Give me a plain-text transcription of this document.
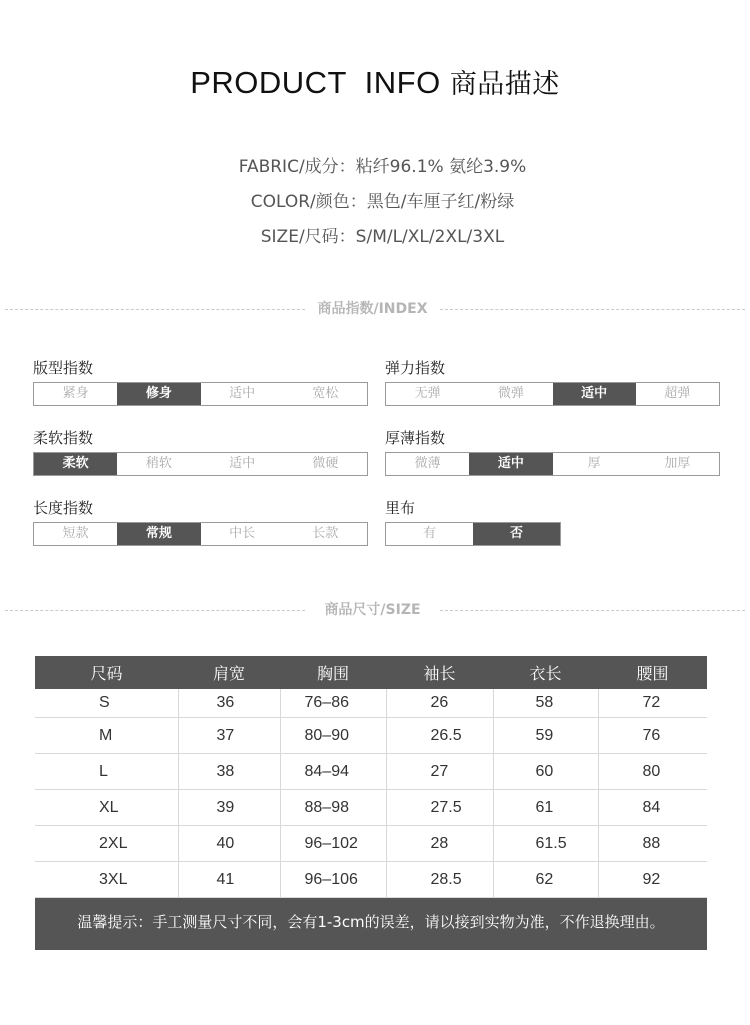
PRODUCT  INFO 商品描述
FABRIC/成分：粘纤96.1% 氨纶3.9%
COLOR/颜色：黑色/车厘子红/粉绿
SIZE/尺码：S/M/L/XL/2XL/3XL
商品指数/INDEX
版型指数
紧身	修身	适中	宽松
弹力指数
无弹	微弹	适中	超弹
柔软指数
柔软	稍软	适中	微硬
厚薄指数
微薄	适中	厚	加厚
长度指数
短款	常规	中长	长款
里布
有	否
商品尺寸/SIZE
尺码	肩宽	胸围	袖长	衣长	腰围
S	36	76–86	26	58	72
M	37	80–90	26.5	59	76
L	38	84–94	27	60	80
XL	39	88–98	27.5	61	84
2XL	40	96–102	28	61.5	88
3XL	41	96–106	28.5	62	92
温馨提示：手工测量尺寸不同，会有1-3cm的误差，请以接到实物为准，不作退换理由。
